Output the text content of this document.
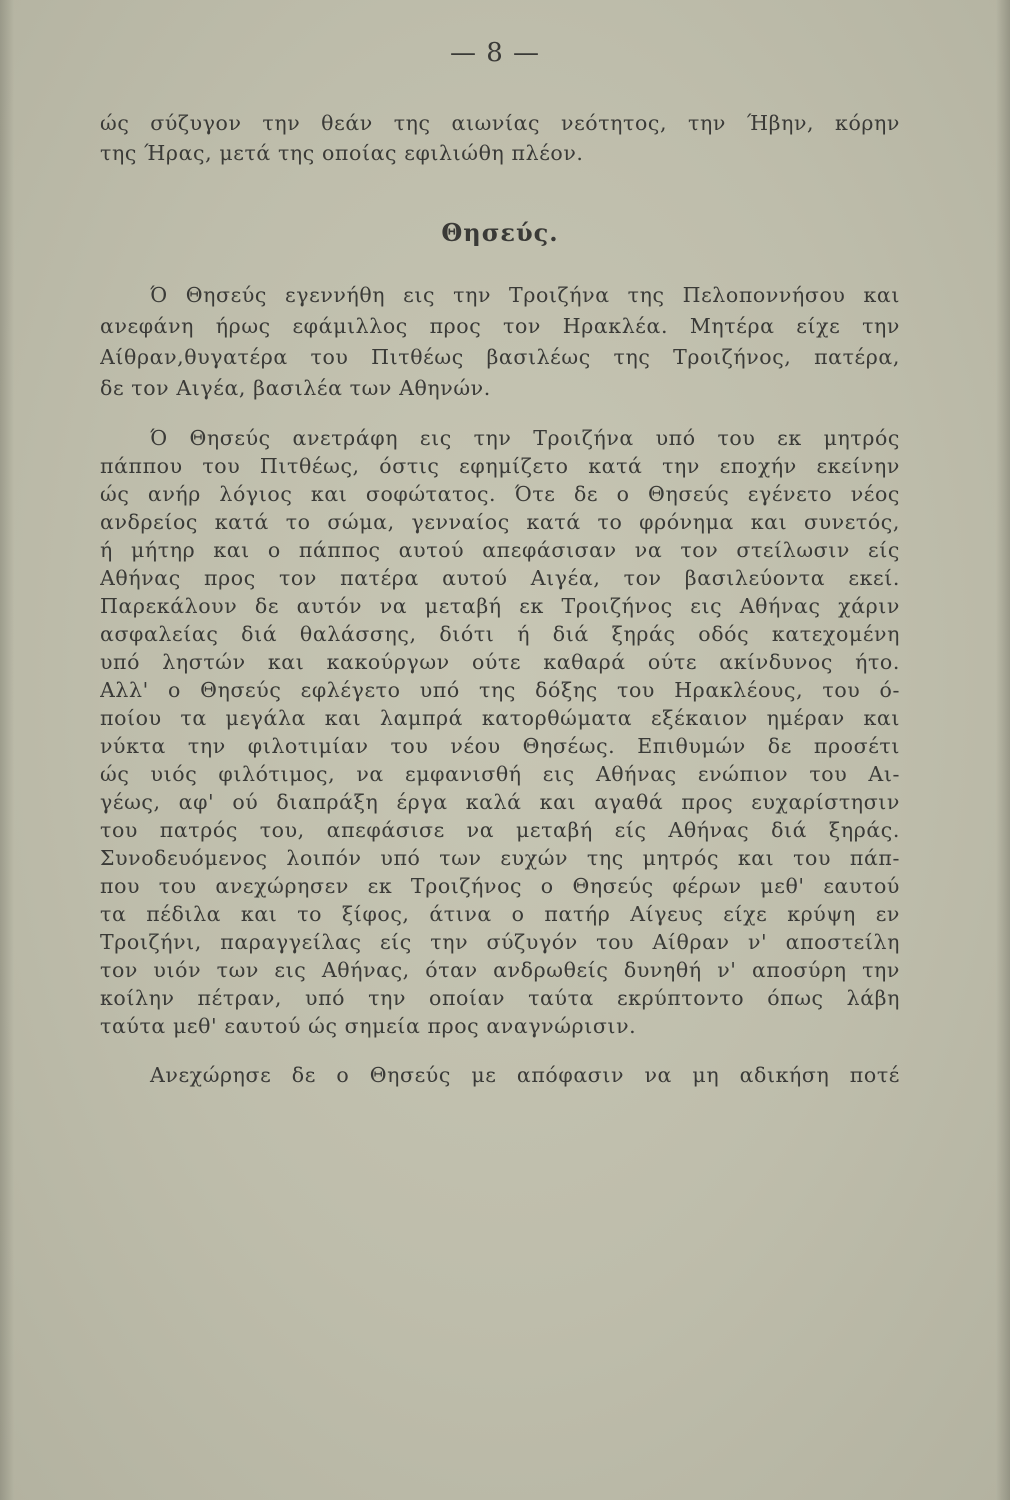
— 8 —
ώς σύζυγον την θεάν της αιωνίας νεότητος, την Ήβην, κόρην
της Ήρας, μετά της οποίας εφιλιώθη πλέον.
Θησεύς.
Ό Θησεύς εγεννήθη εις την Τροιζήνα της Πελοποννήσου και
ανεφάνη ήρως εφάμιλλος προς τον Ηρακλέα. Μητέρα είχε την
Αίθραν,θυγατέρα του Πιτθέως βασιλέως της Τροιζήνος, πατέρα,
δε τον Αιγέα, βασιλέα των Αθηνών.
Ό Θησεύς ανετράφη εις την Τροιζήνα υπό του εκ μητρός
πάππου του Πιτθέως, όστις εφημίζετο κατά την εποχήν εκείνην
ώς ανήρ λόγιος και σοφώτατος. Ότε δε ο Θησεύς εγένετο νέος
ανδρείος κατά το σώμα, γενναίος κατά το φρόνημα και συνετός,
ή μήτηρ και ο πάππος αυτού απεφάσισαν να τον στείλωσιν είς
Αθήνας προς τον πατέρα αυτού Αιγέα, τον βασιλεύοντα εκεί.
Παρεκάλουν δε αυτόν να μεταβή εκ Τροιζήνος εις Αθήνας χάριν
ασφαλείας διά θαλάσσης, διότι ή διά ξηράς οδός κατεχομένη
υπό ληστών και κακούργων ούτε καθαρά ούτε ακίνδυνος ήτο.
Αλλ' ο Θησεύς εφλέγετο υπό της δόξης του Ηρακλέους, του ό-
ποίου τα μεγάλα και λαμπρά κατορθώματα εξέκαιον ημέραν και
νύκτα την φιλοτιμίαν του νέου Θησέως. Επιθυμών δε προσέτι
ώς υιός φιλότιμος, να εμφανισθή εις Αθήνας ενώπιον του Αι-
γέως, αφ' ού διαπράξη έργα καλά και αγαθά προς ευχαρίστησιν
του πατρός του, απεφάσισε να μεταβή είς Αθήνας διά ξηράς.
Συνοδευόμενος λοιπόν υπό των ευχών της μητρός και του πάπ-
που του ανεχώρησεν εκ Τροιζήνος ο Θησεύς φέρων μεθ' εαυτού
τα πέδιλα και το ξίφος, άτινα ο πατήρ Αίγευς είχε κρύψη εν
Τροιζήνι, παραγγείλας είς την σύζυγόν του Αίθραν ν' αποστείλη
τον υιόν των εις Αθήνας, όταν ανδρωθείς δυνηθή ν' αποσύρη την
κοίλην πέτραν, υπό την οποίαν ταύτα εκρύπτοντο όπως λάβη
ταύτα μεθ' εαυτού ώς σημεία προς αναγνώρισιν.
Ανεχώρησε δε ο Θησεύς με απόφασιν να μη αδικήση ποτέ
